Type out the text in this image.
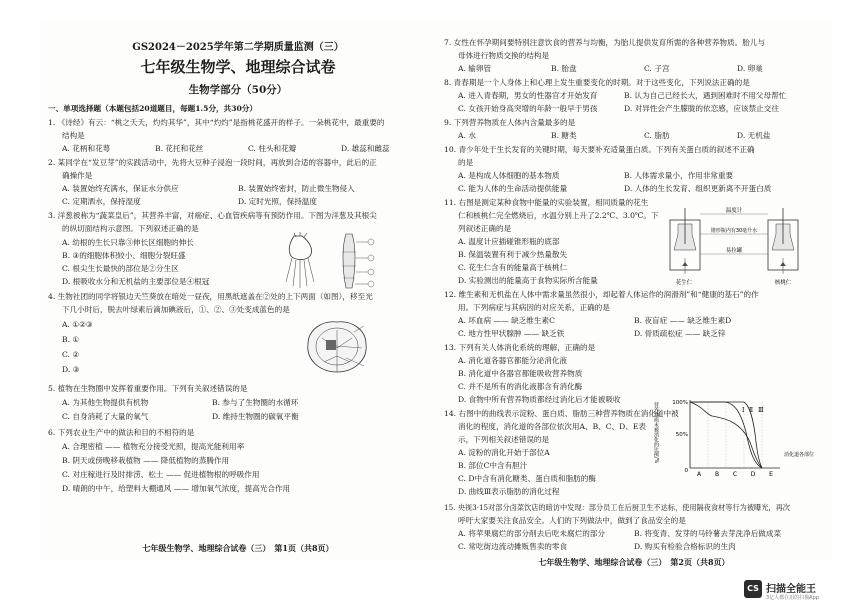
GS2024－2025学年第二学期质量监测（三）
七年级生物学、地理综合试卷
生物学部分（50分）
一、单项选择题（本题包括20道题目，每题1.5分，共30分）
1. 《诗经》有云：“桃之夭夭，灼灼其华”，其中“灼灼”是指桃花盛开的样子。一朵桃花中，最重要的
结构是
A. 花柄和花萼	B. 花托和花丝	C. 柱头和花瓣	D. 雄蕊和雌蕊
2. 某同学在“发豆芽”的实践活动中，先将大豆种子浸泡一段时间，再放到合适的容器中，此后的正
确操作是
A. 装置始终充满水，保证水分供应	B. 装置始终密封，防止微生物侵入
C. 定期洒水，保持湿度	D. 定时光照，保持温度
3. 洋葱被称为“蔬菜皇后”，其营养丰富，对癌症、心血管疾病等有预防作用。下图为洋葱及其根尖
的纵切面结构示意图。下列叙述正确的是
A. 幼根的生长只靠③伸长区细胞的伸长
B. ③的细胞体积较小、细胞分裂旺盛
C. 根尖生长最快的部位是②分生区
D. 根吸收水分和无机盐的主要部位是④根冠
4. 生物社团的同学将银边天竺葵放在暗处一昼夜，用黑纸遮盖在②处的上下两面（如图），移至光
下几小时后，脱去叶绿素后滴加碘液后，①、②、③处变成蓝色的是
A. ①②③
B. ①
C. ②
D. ③
5. 植物在生物圈中发挥着重要作用。下列有关叙述错误的是
A. 为其他生物提供有机物	B. 参与了生物圈的水循环
C. 自身消耗了大量的氧气	D. 维持生物圈的碳氧平衡
6. 下列农业生产中的做法和目的不相符的是
A. 合理密植 —— 植物充分接受光照，提高光能利用率
B. 阴天或傍晚移栽植物 —— 降低植物的蒸腾作用
C. 对庄稼进行及时排涝、松土 —— 促进植物根的呼吸作用
D. 晴朗的中午，给塑料大棚通风 —— 增加氧气浓度，提高光合作用
七年级生物学、地理综合试卷（三）　第1页（共8页）
7. 女性在怀孕期间要特别注意饮食的营养与均衡，为胎儿提供发育所需的各种营养物质。胎儿与
母体进行物质交换的结构是
A. 输卵管	B. 胎盘	C. 子宫	D. 卵巢
8. 青春期是一个人身体上和心理上发生重要变化的时期。对于这些变化，下列说法正确的是
A. 进入青春期，男女的性器官才开始发育	B. 认为自己已经长大，遇到困难时不用父母帮忙
C. 女孩开始身高突增的年龄一般早于男孩	D. 对异性会产生朦胧的依恋感，应该禁止交往
9. 下列营养物质在人体内含量最多的是
A. 水	B. 糖类	C. 脂肪	D. 无机盐
10. 青少年处于生长发育的关键时期，每天要补充适量蛋白质。下列有关蛋白质的叙述不正确
的是
A. 是构成人体细胞的基本物质	B. 人体需求量小，作用非常重要
C. 能为人体的生命活动提供能量	D. 人体的生长发育、组织更新离不开蛋白质
11. 右图是测定某种食物中能量的实验装置，相同质量的花生
仁和核桃仁完全燃烧后，水温分别上升了2.2℃、3.0℃。下
列叙述正确的是
A. 温度计应插碰锥形瓶的底部
B. 保温装置有利于减少热量散失
C. 花生仁含有的能量高于核桃仁
D. 实验测出的能量高于食物实际所含能量
温度计
锥形瓶内有30毫升水
易拉罐
花生仁	核桃仁
12. 维生素和无机盐在人体中需求量虽然很小，却起着人体运作的润滑剂”和“健康的基石”的作
用。下列病症与其病因的对应关系，正确的是
A. 坏血病 —— 缺乏维生素C	B. 夜盲症 —— 缺乏维生素D
C. 地方性甲状腺肿 —— 缺乏铁	D. 骨质疏松症 —— 缺乏锌
13. 下列有关人体消化系统的理解，正确的是
A. 消化道各器官都能分泌消化液
B. 消化道中各器官都能吸收营养物质
C. 并不是所有的消化液都含有消化酶
D. 食物中所有营养物质都经过消化后才能被吸收
14. 右图中的曲线表示淀粉、蛋白质、脂肪三种营养物质在消化道中被
消化的程度，消化道的各部位依次用A、B、C、D、E表
示，下列相关叙述错误的是
A. 淀粉的消化开始于部位A
B. 部位C中含有胆汁
C. D中含有消化糖类、蛋白质和脂肪的酶
D. 曲线Ⅲ表示脂肪的消化过程
营养物质未被消化的比例/% 100%
50%
0
Ⅰ Ⅱ Ⅲ
A B C D E
消化道各部位
15. 央视3·15对部分卤菜饮店的暗访中发现：部分员工在后厨卫生不达标，使用隔夜食材等行为被曝光，再次
呼吁大家要关注食品安全。人们的下列做法中，做到了食品安全的是
A. 将苹果腐烂的部分削去后吃未腐烂的部分	B. 将变青、发芽的马铃薯去芽洗净后做成菜
C. 常吃街边流动摊贩售卖的零食	D. 购买有检验合格标识的生肉
七年级生物学、地理综合试卷（三）　第2页（共8页）
CS 扫描全能王
3亿人都在用的扫描App
